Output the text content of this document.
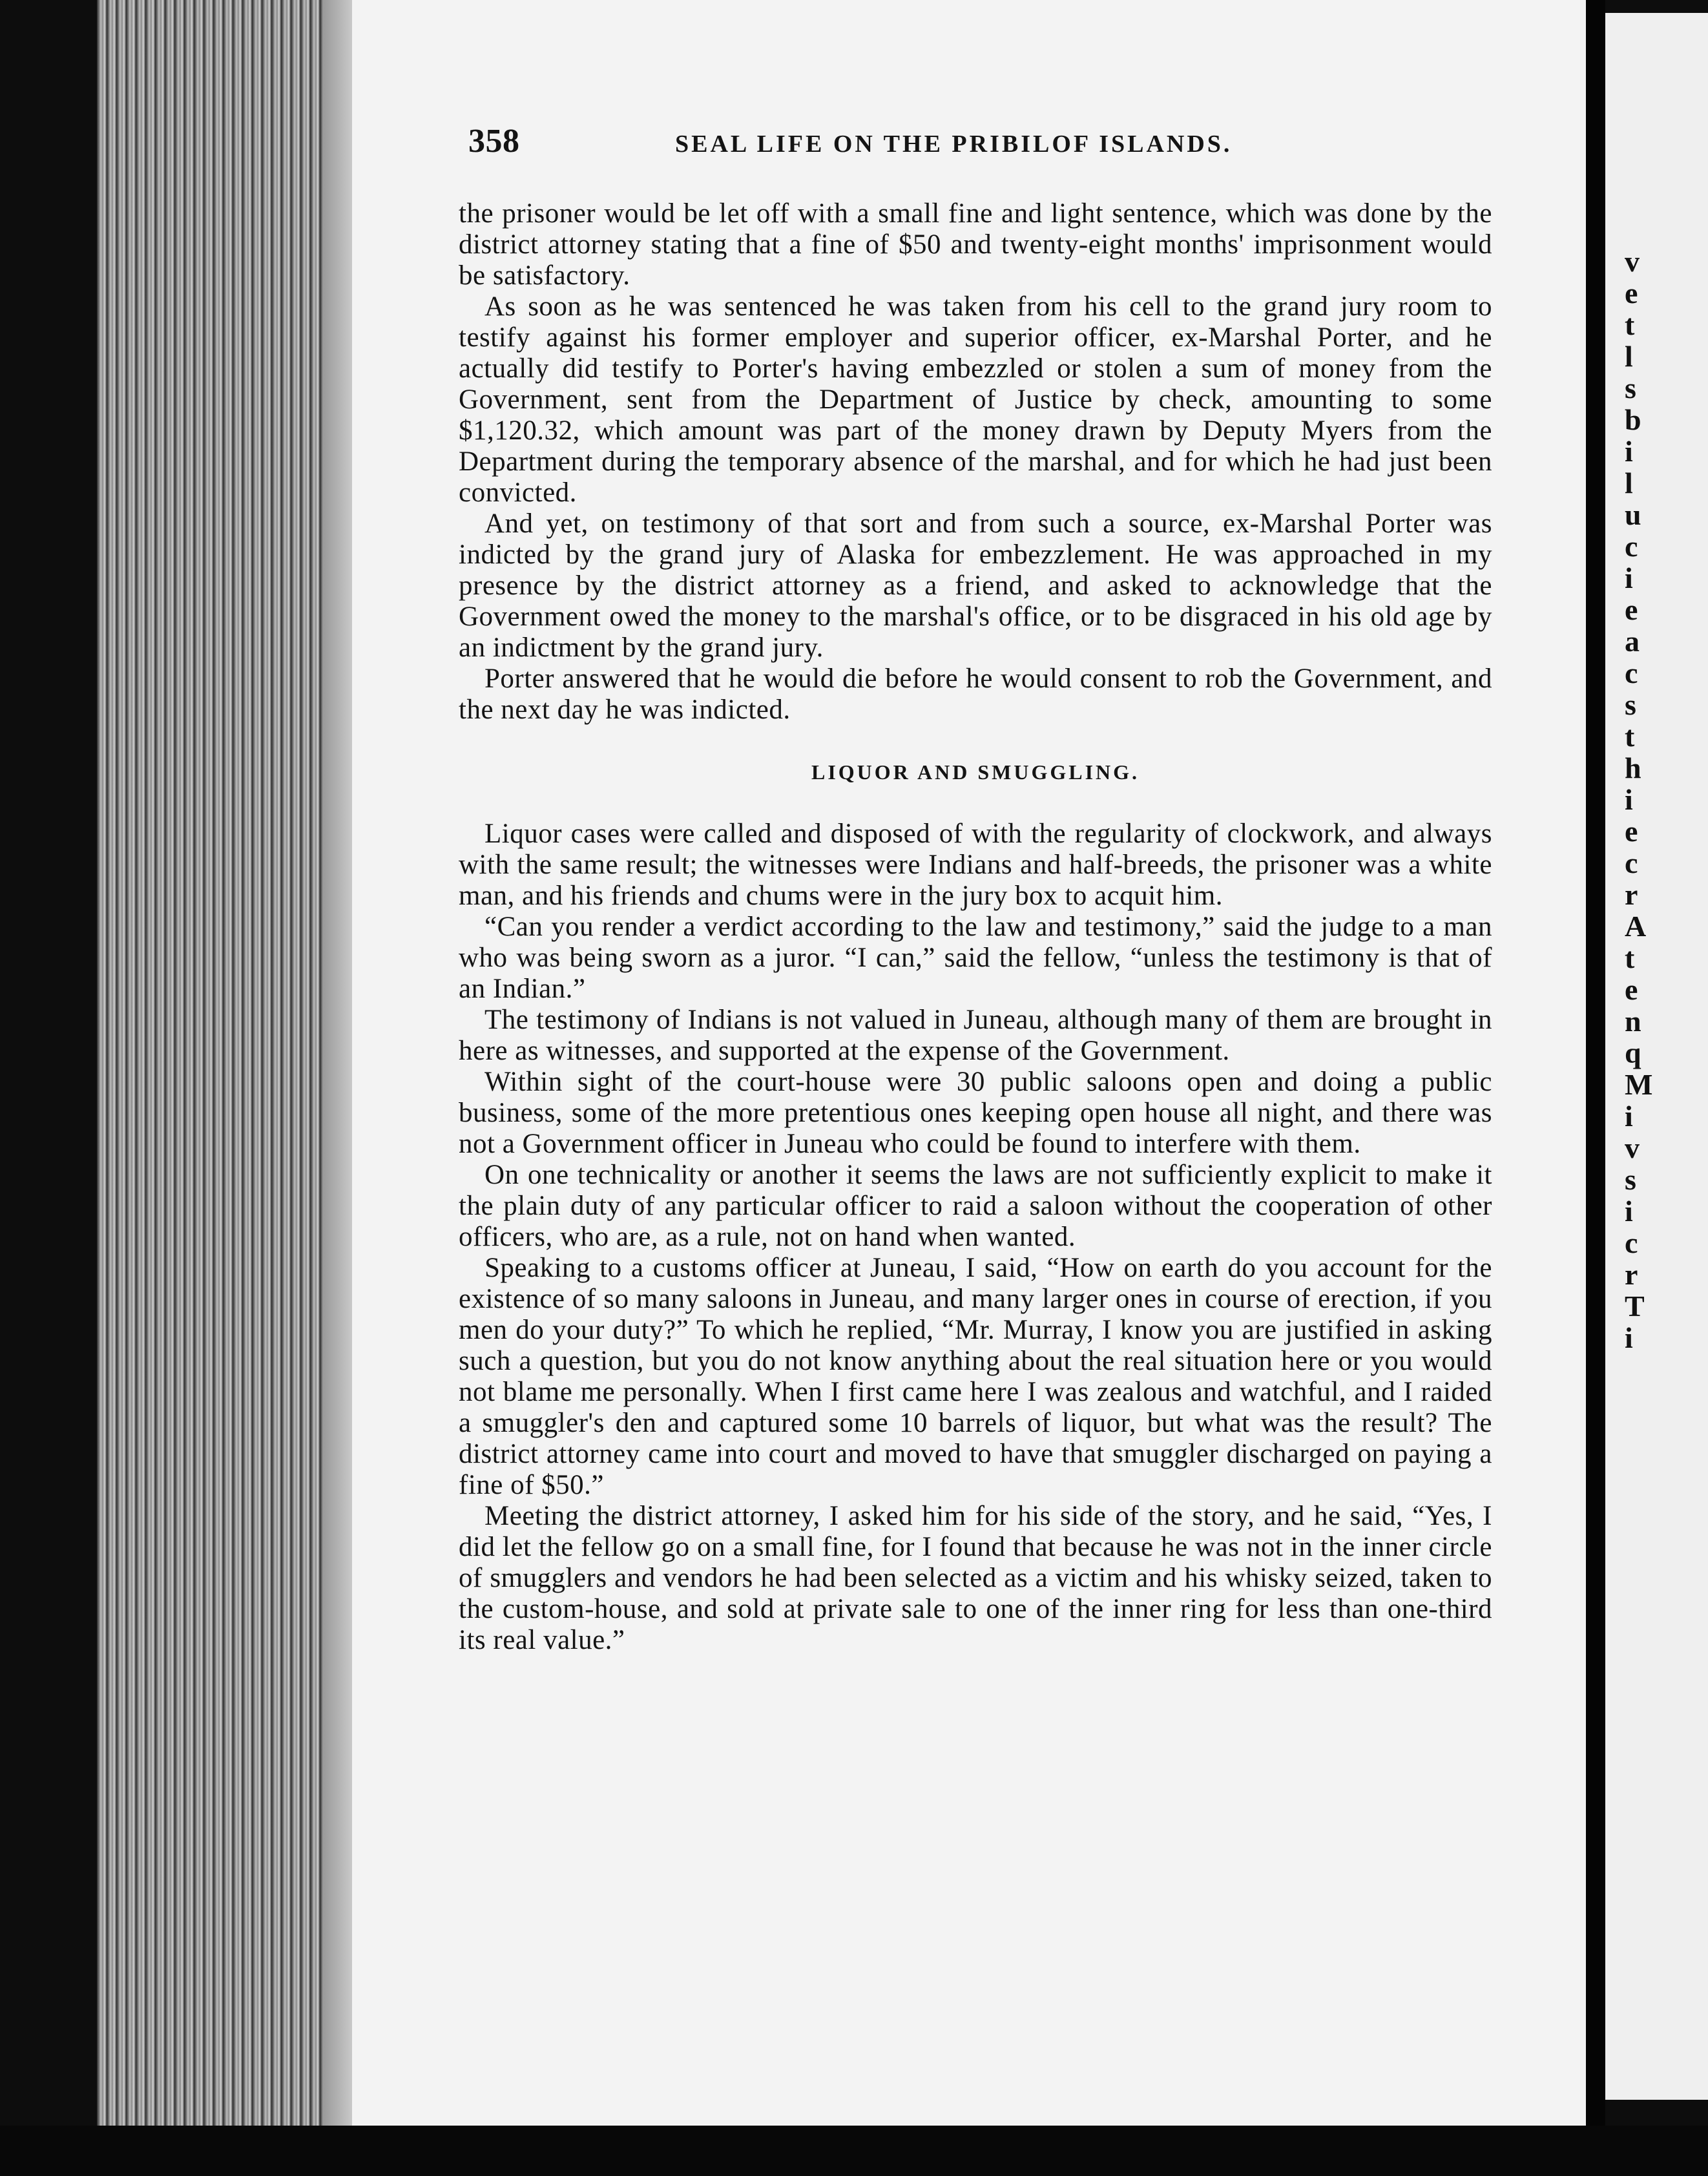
358	SEAL LIFE ON THE PRIBILOF ISLANDS.

the prisoner would be let off with a small fine and light sentence, which was done by the district attorney stating that a fine of $50 and twenty-eight months' imprisonment would be satisfactory.

As soon as he was sentenced he was taken from his cell to the grand jury room to testify against his former employer and superior officer, ex-Marshal Porter, and he actually did testify to Porter's having embezzled or stolen a sum of money from the Government, sent from the Department of Justice by check, amounting to some $1,120.32, which amount was part of the money drawn by Deputy Myers from the Department during the temporary absence of the marshal, and for which he had just been convicted.

And yet, on testimony of that sort and from such a source, ex-Marshal Porter was indicted by the grand jury of Alaska for embezzlement. He was approached in my presence by the district attorney as a friend, and asked to acknowledge that the Government owed the money to the marshal's office, or to be disgraced in his old age by an indictment by the grand jury.

Porter answered that he would die before he would consent to rob the Government, and the next day he was indicted.

LIQUOR AND SMUGGLING.

Liquor cases were called and disposed of with the regularity of clockwork, and always with the same result; the witnesses were Indians and half-breeds, the prisoner was a white man, and his friends and chums were in the jury box to acquit him.

“Can you render a verdict according to the law and testimony,” said the judge to a man who was being sworn as a juror. “I can,” said the fellow, “unless the testimony is that of an Indian.”

The testimony of Indians is not valued in Juneau, although many of them are brought in here as witnesses, and supported at the expense of the Government.

Within sight of the court-house were 30 public saloons open and doing a public business, some of the more pretentious ones keeping open house all night, and there was not a Government officer in Juneau who could be found to interfere with them.

On one technicality or another it seems the laws are not sufficiently explicit to make it the plain duty of any particular officer to raid a saloon without the cooperation of other officers, who are, as a rule, not on hand when wanted.

Speaking to a customs officer at Juneau, I said, “How on earth do you account for the existence of so many saloons in Juneau, and many larger ones in course of erection, if you men do your duty?” To which he replied, “Mr. Murray, I know you are justified in asking such a question, but you do not know anything about the real situation here or you would not blame me personally. When I first came here I was zealous and watchful, and I raided a smuggler's den and captured some 10 barrels of liquor, but what was the result? The district attorney came into court and moved to have that smuggler discharged on paying a fine of $50.”

Meeting the district attorney, I asked him for his side of the story, and he said, “Yes, I did let the fellow go on a small fine, for I found that because he was not in the inner circle of smugglers and vendors he had been selected as a victim and his whisky seized, taken to the custom-house, and sold at private sale to one of the inner ring for less than one-third its real value.”

v
e
t
l
s
b
i
l
u
c
i
e
a
c
s
t
h
i
e
c
r
A
t
e
n
q
M
i
v
s
i
c
r
T
i
